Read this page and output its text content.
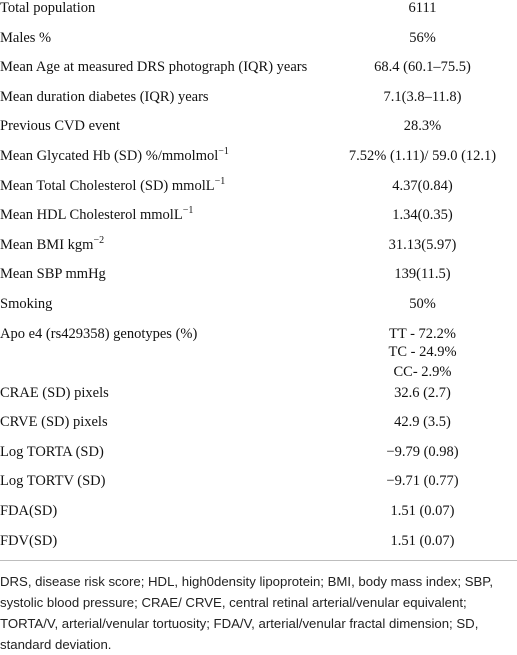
Total population	6111
Males %	56%
Mean Age at measured DRS photograph (IQR) years	68.4 (60.1–75.5)
Mean duration diabetes (IQR) years	7.1(3.8–11.8)
Previous CVD event	28.3%
Mean Glycated Hb (SD) %/mmolmol$^{-1}$	7.52% (1.11)/ 59.0 (12.1)
Mean Total Cholesterol (SD) mmolL$^{-1}$	4.37(0.84)
Mean HDL Cholesterol mmolL$^{-1}$	1.34(0.35)
Mean BMI kgm$^{-2}$	31.13(5.97)
Mean SBP mmHg	139(11.5)
Smoking	50%
Apo e4 (rs429358) genotypes (%)	TT - 72.2%
TC - 24.9%
CC- 2.9%
CRAE (SD) pixels	32.6 (2.7)
CRVE (SD) pixels	42.9 (3.5)
Log TORTA (SD)	−9.79 (0.98)
Log TORTV (SD)	−9.71 (0.77)
FDA(SD)	1.51 (0.07)
FDV(SD)	1.51 (0.07)
DRS, disease risk score; HDL, high0density lipoprotein; BMI, body mass index; SBP, systolic blood pressure; CRAE/ CRVE, central retinal arterial/venular equivalent; TORTA/V, arterial/venular tortuosity; FDA/V, arterial/venular fractal dimension; SD, standard deviation.
